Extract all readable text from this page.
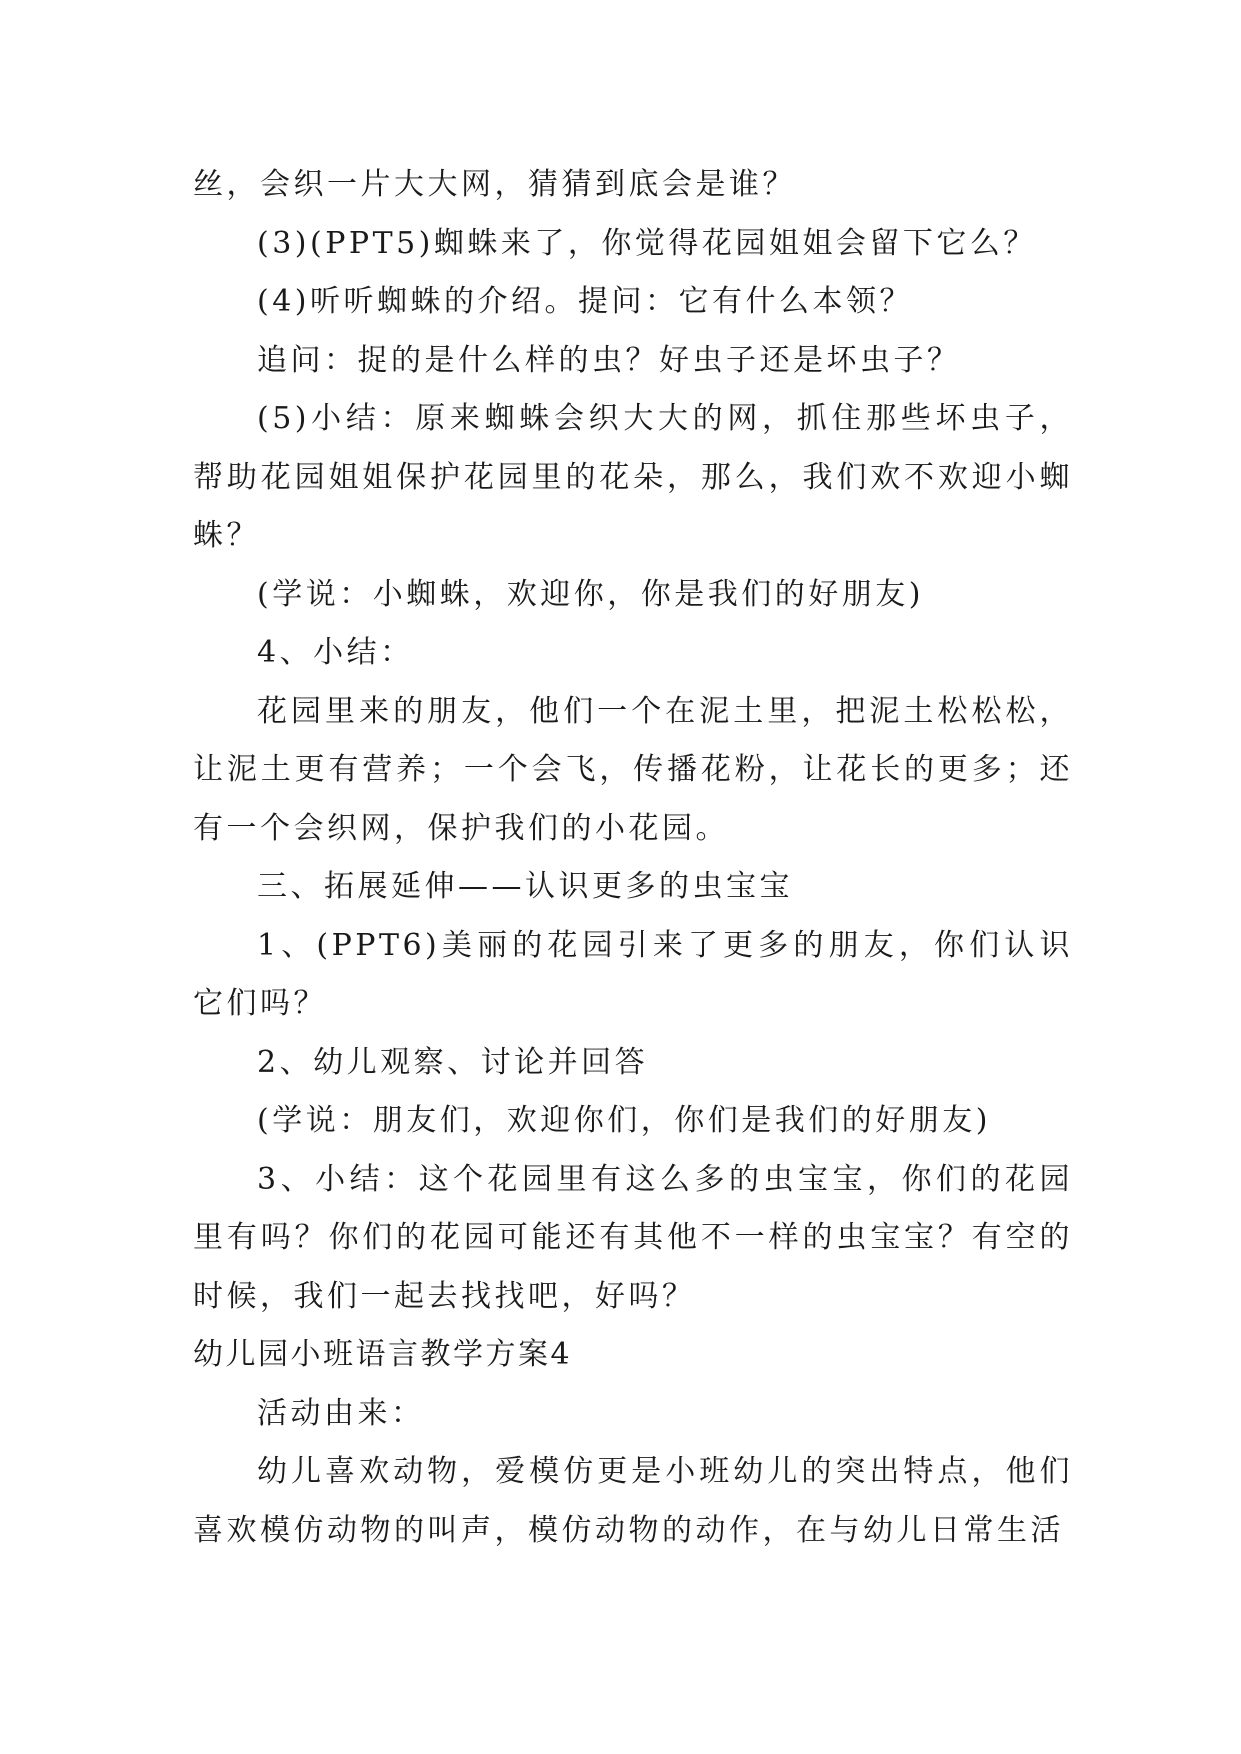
丝，会织一片大大网，猜猜到底会是谁？

(3)(PPT5)蜘蛛来了，你觉得花园姐姐会留下它么？

(4)听听蜘蛛的介绍。提问：它有什么本领？

追问：捉的是什么样的虫？好虫子还是坏虫子？

(5)小结：原来蜘蛛会织大大的网，抓住那些坏虫子，帮助花园姐姐保护花园里的花朵，那么，我们欢不欢迎小蜘蛛？

(学说：小蜘蛛，欢迎你，你是我们的好朋友)

4、小结：

花园里来的朋友，他们一个在泥土里，把泥土松松松，让泥土更有营养；一个会飞，传播花粉，让花长的更多；还有一个会织网，保护我们的小花园。

三、拓展延伸——认识更多的虫宝宝

1、(PPT6)美丽的花园引来了更多的朋友，你们认识它们吗？

2、幼儿观察、讨论并回答

(学说：朋友们，欢迎你们，你们是我们的好朋友)

3、小结：这个花园里有这么多的虫宝宝，你们的花园里有吗？你们的花园可能还有其他不一样的虫宝宝？有空的时候，我们一起去找找吧，好吗？

幼儿园小班语言教学方案4

活动由来：

幼儿喜欢动物，爱模仿更是小班幼儿的突出特点，他们喜欢模仿动物的叫声，模仿动物的动作，在与幼儿日常生活
